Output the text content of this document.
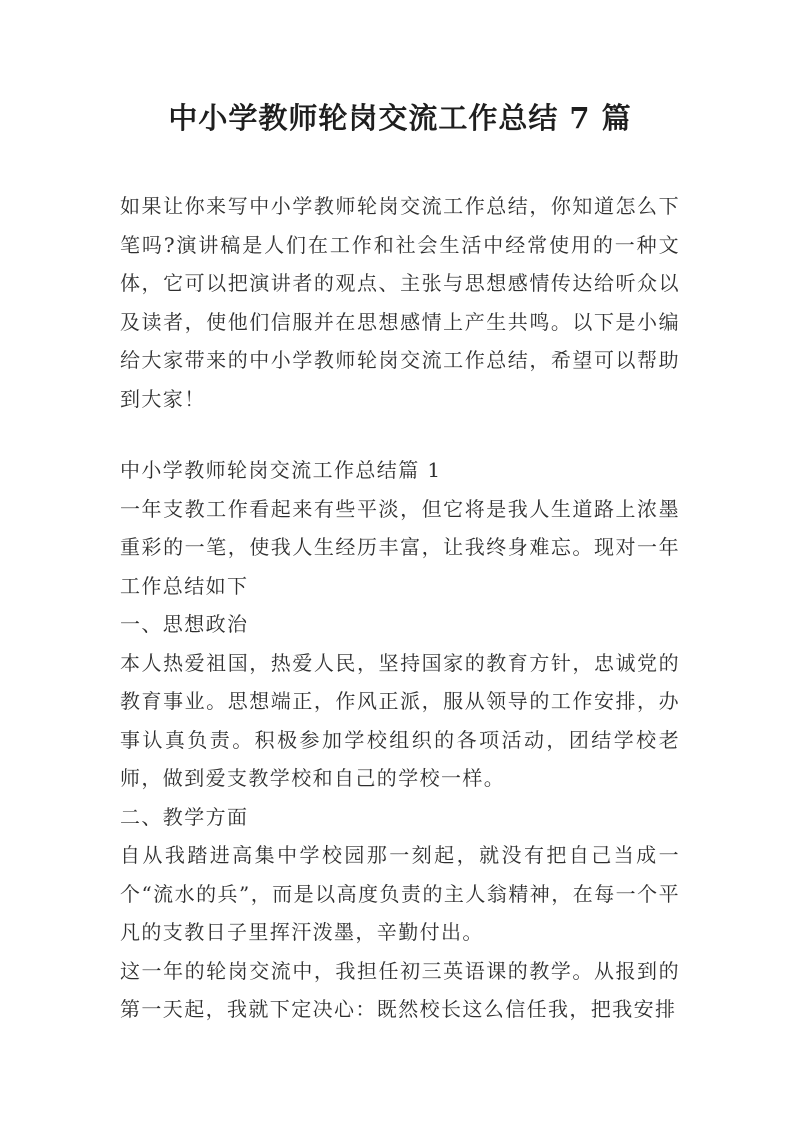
中小学教师轮岗交流工作总结 7 篇

如果让你来写中小学教师轮岗交流工作总结，你知道怎么下笔吗?演讲稿是人们在工作和社会生活中经常使用的一种文体，它可以把演讲者的观点、主张与思想感情传达给听众以及读者，使他们信服并在思想感情上产生共鸣。以下是小编给大家带来的中小学教师轮岗交流工作总结，希望可以帮助到大家！

中小学教师轮岗交流工作总结篇 1

一年支教工作看起来有些平淡，但它将是我人生道路上浓墨重彩的一笔，使我人生经历丰富，让我终身难忘。现对一年工作总结如下

一、思想政治

本人热爱祖国，热爱人民，坚持国家的教育方针，忠诚党的教育事业。思想端正，作风正派，服从领导的工作安排，办事认真负责。积极参加学校组织的各项活动，团结学校老师，做到爱支教学校和自己的学校一样。

二、教学方面

自从我踏进高集中学校园那一刻起，就没有把自己当成一个“流水的兵”，而是以高度负责的主人翁精神，在每一个平凡的支教日子里挥汗泼墨，辛勤付出。

这一年的轮岗交流中，我担任初三英语课的教学。从报到的第一天起，我就下定决心：既然校长这么信任我，把我安排
